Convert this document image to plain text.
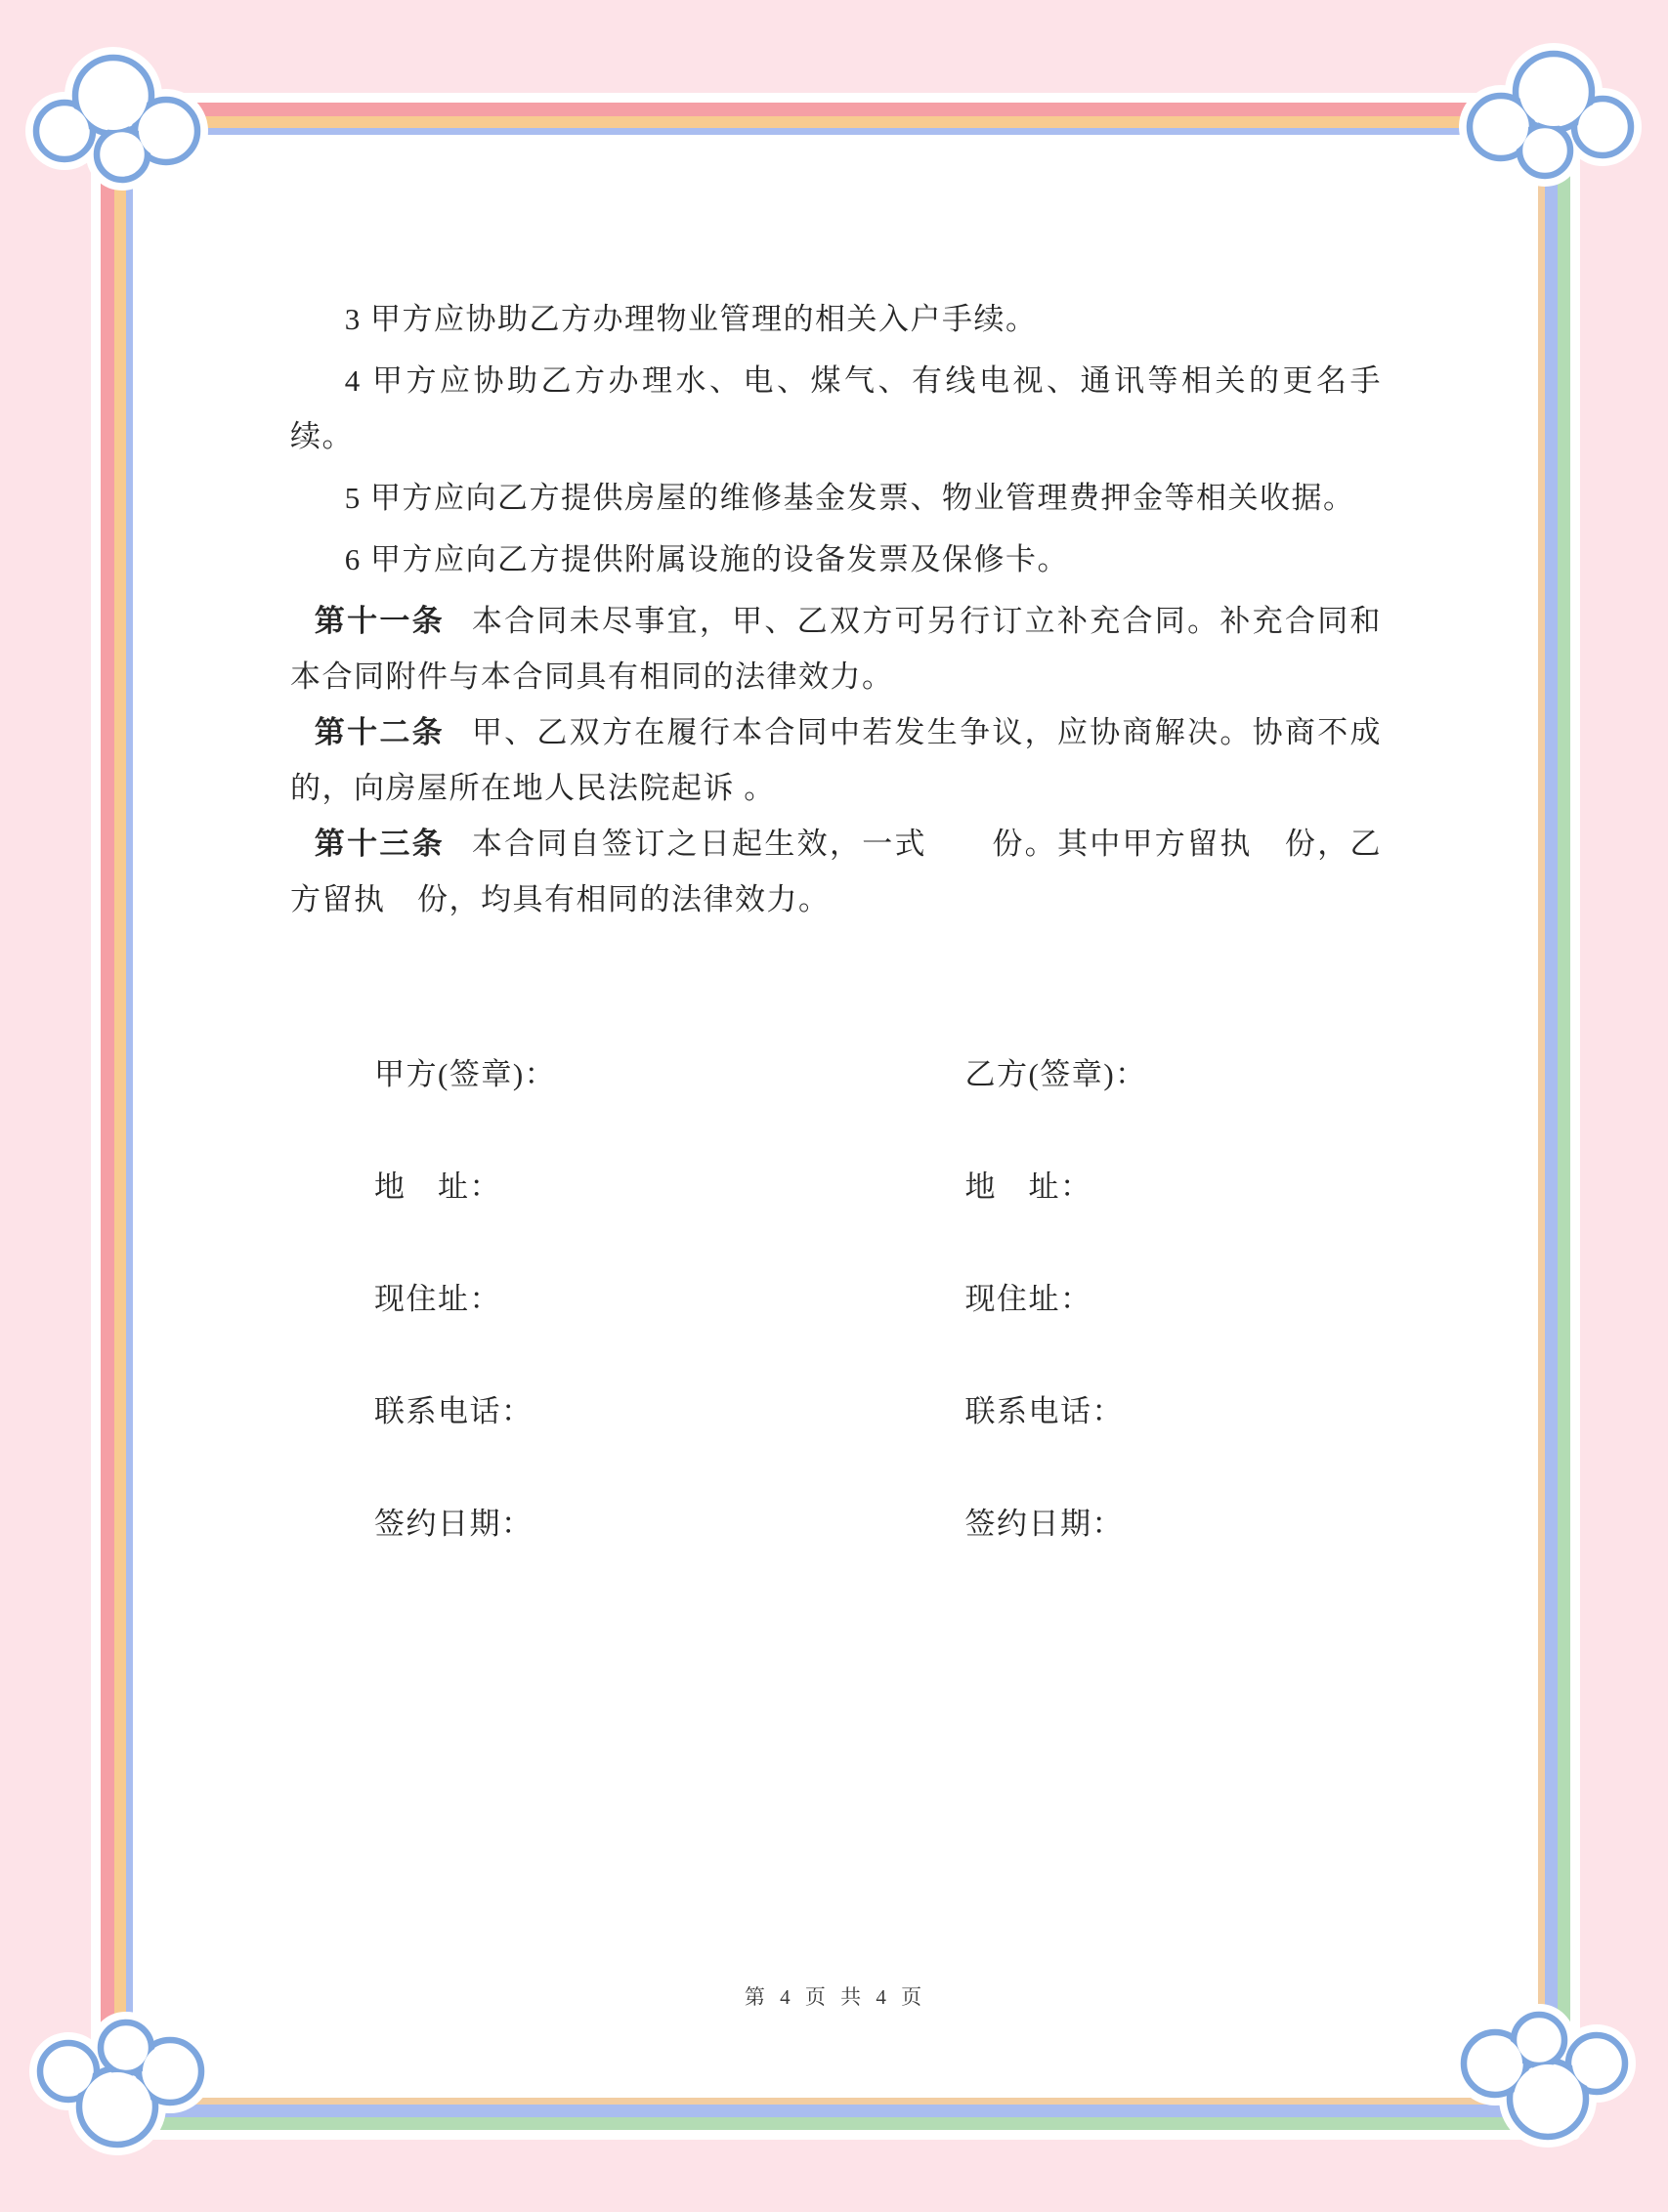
3 甲方应协助乙方办理物业管理的相关入户手续。

4 甲方应协助乙方办理水、电、煤气、有线电视、通讯等相关的更名手续。

5 甲方应向乙方提供房屋的维修基金发票、物业管理费押金等相关收据。

6 甲方应向乙方提供附属设施的设备发票及保修卡。

第十一条 本合同未尽事宜，甲、乙双方可另行订立补充合同。补充合同和本合同附件与本合同具有相同的法律效力。

第十二条 甲、乙双方在履行本合同中若发生争议，应协商解决。协商不成的，向房屋所在地人民法院起诉 。

第十三条 本合同自签订之日起生效，一式　　份。其中甲方留执　份，乙方留执　份，均具有相同的法律效力。

甲方(签章)：	乙方(签章)：
地　址：	地　址：
现住址：	现住址：
联系电话：	联系电话：
签约日期：	签约日期：
第 4 页 共 4 页
